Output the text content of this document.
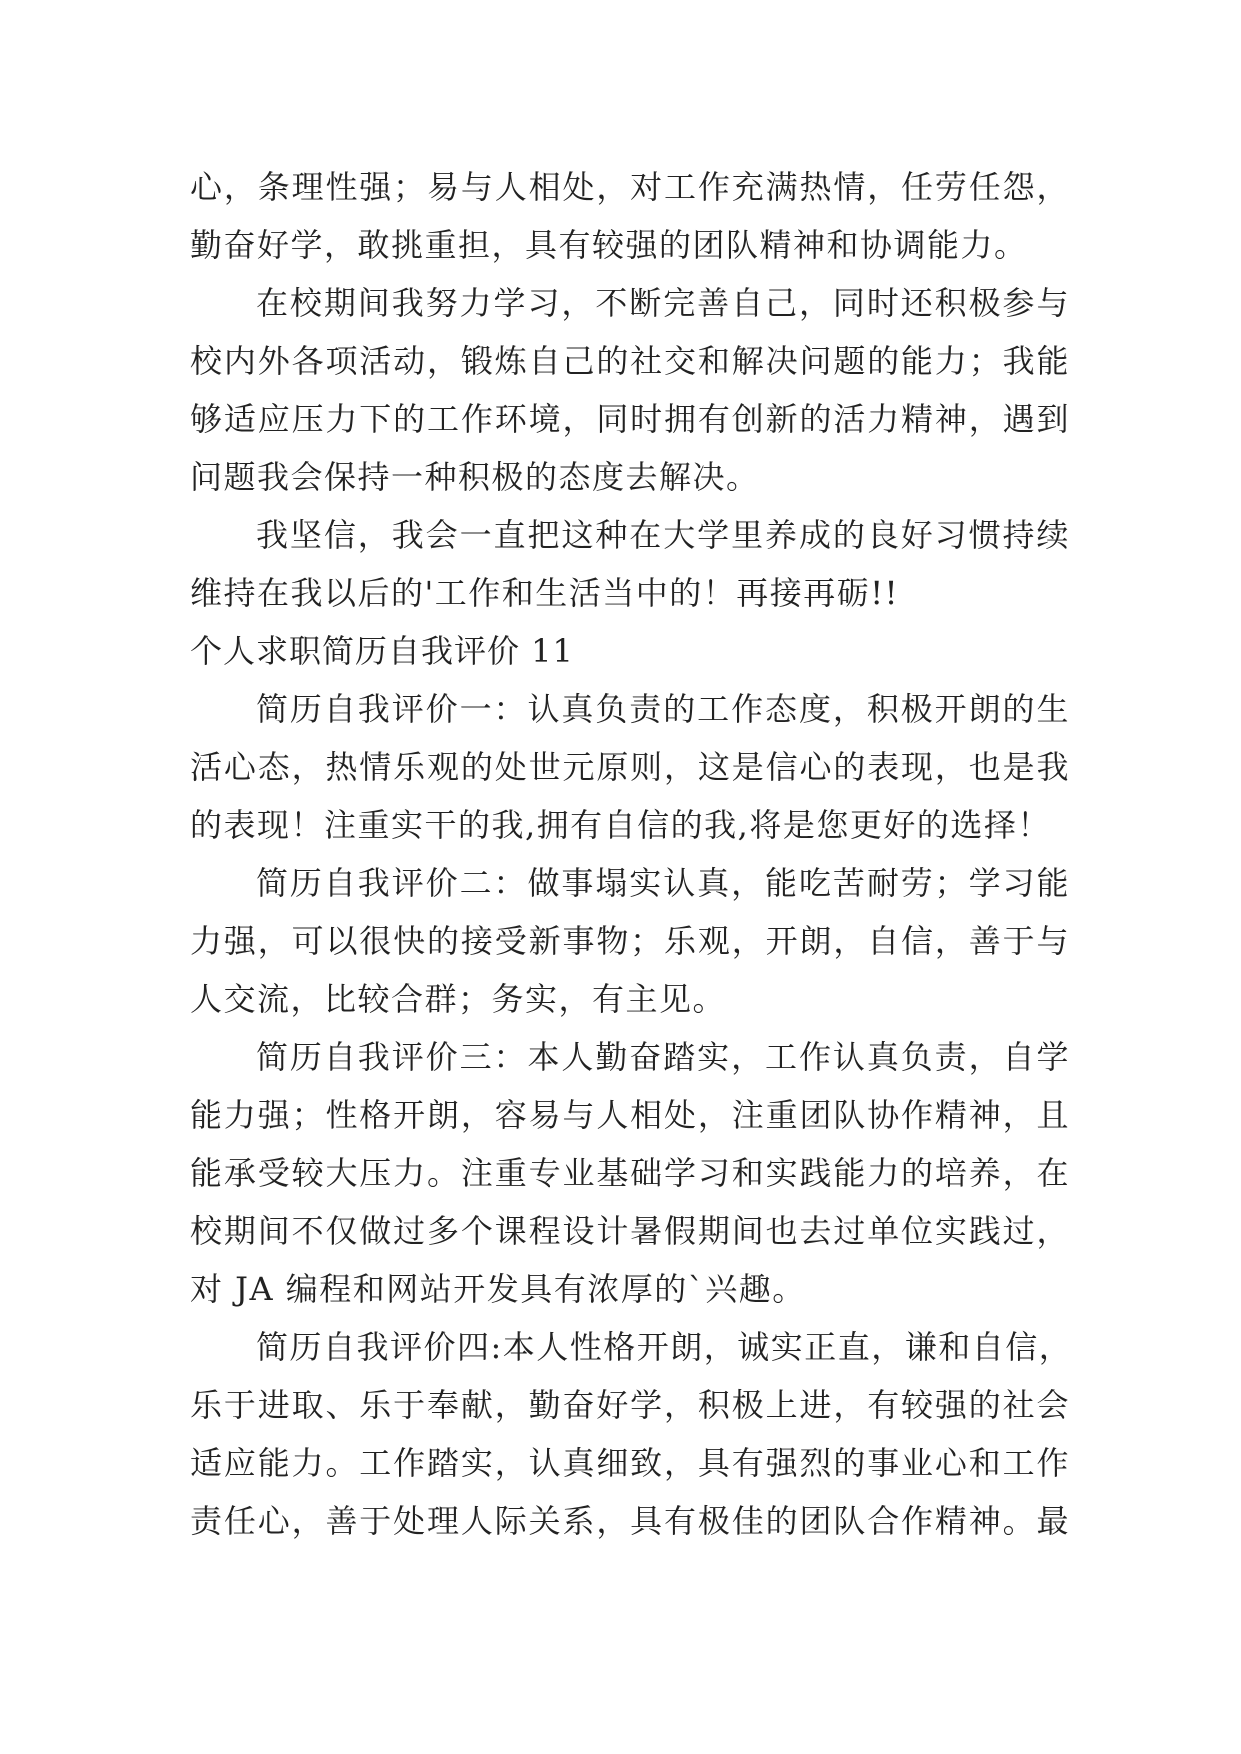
心，条理性强；易与人相处，对工作充满热情，任劳任怨，
勤奋好学，敢挑重担，具有较强的团队精神和协调能力。
在校期间我努力学习，不断完善自己，同时还积极参与
校内外各项活动，锻炼自己的社交和解决问题的能力；我能
够适应压力下的工作环境，同时拥有创新的活力精神，遇到
问题我会保持一种积极的态度去解决。
我坚信，我会一直把这种在大学里养成的良好习惯持续
维持在我以后的'工作和生活当中的！再接再砺!!
个人求职简历自我评价 11
简历自我评价一：认真负责的工作态度，积极开朗的生
活心态，热情乐观的处世元原则，这是信心的表现，也是我
的表现！注重实干的我,拥有自信的我,将是您更好的选择！
简历自我评价二：做事塌实认真，能吃苦耐劳；学习能
力强，可以很快的接受新事物；乐观，开朗，自信，善于与
人交流，比较合群；务实，有主见。
简历自我评价三：本人勤奋踏实，工作认真负责，自学
能力强；性格开朗，容易与人相处，注重团队协作精神，且
能承受较大压力。注重专业基础学习和实践能力的培养，在
校期间不仅做过多个课程设计暑假期间也去过单位实践过，
对 JA 编程和网站开发具有浓厚的`兴趣。
简历自我评价四:本人性格开朗，诚实正直，谦和自信，
乐于进取、乐于奉献，勤奋好学，积极上进，有较强的社会
适应能力。工作踏实，认真细致，具有强烈的事业心和工作
责任心，善于处理人际关系，具有极佳的团队合作精神。最
